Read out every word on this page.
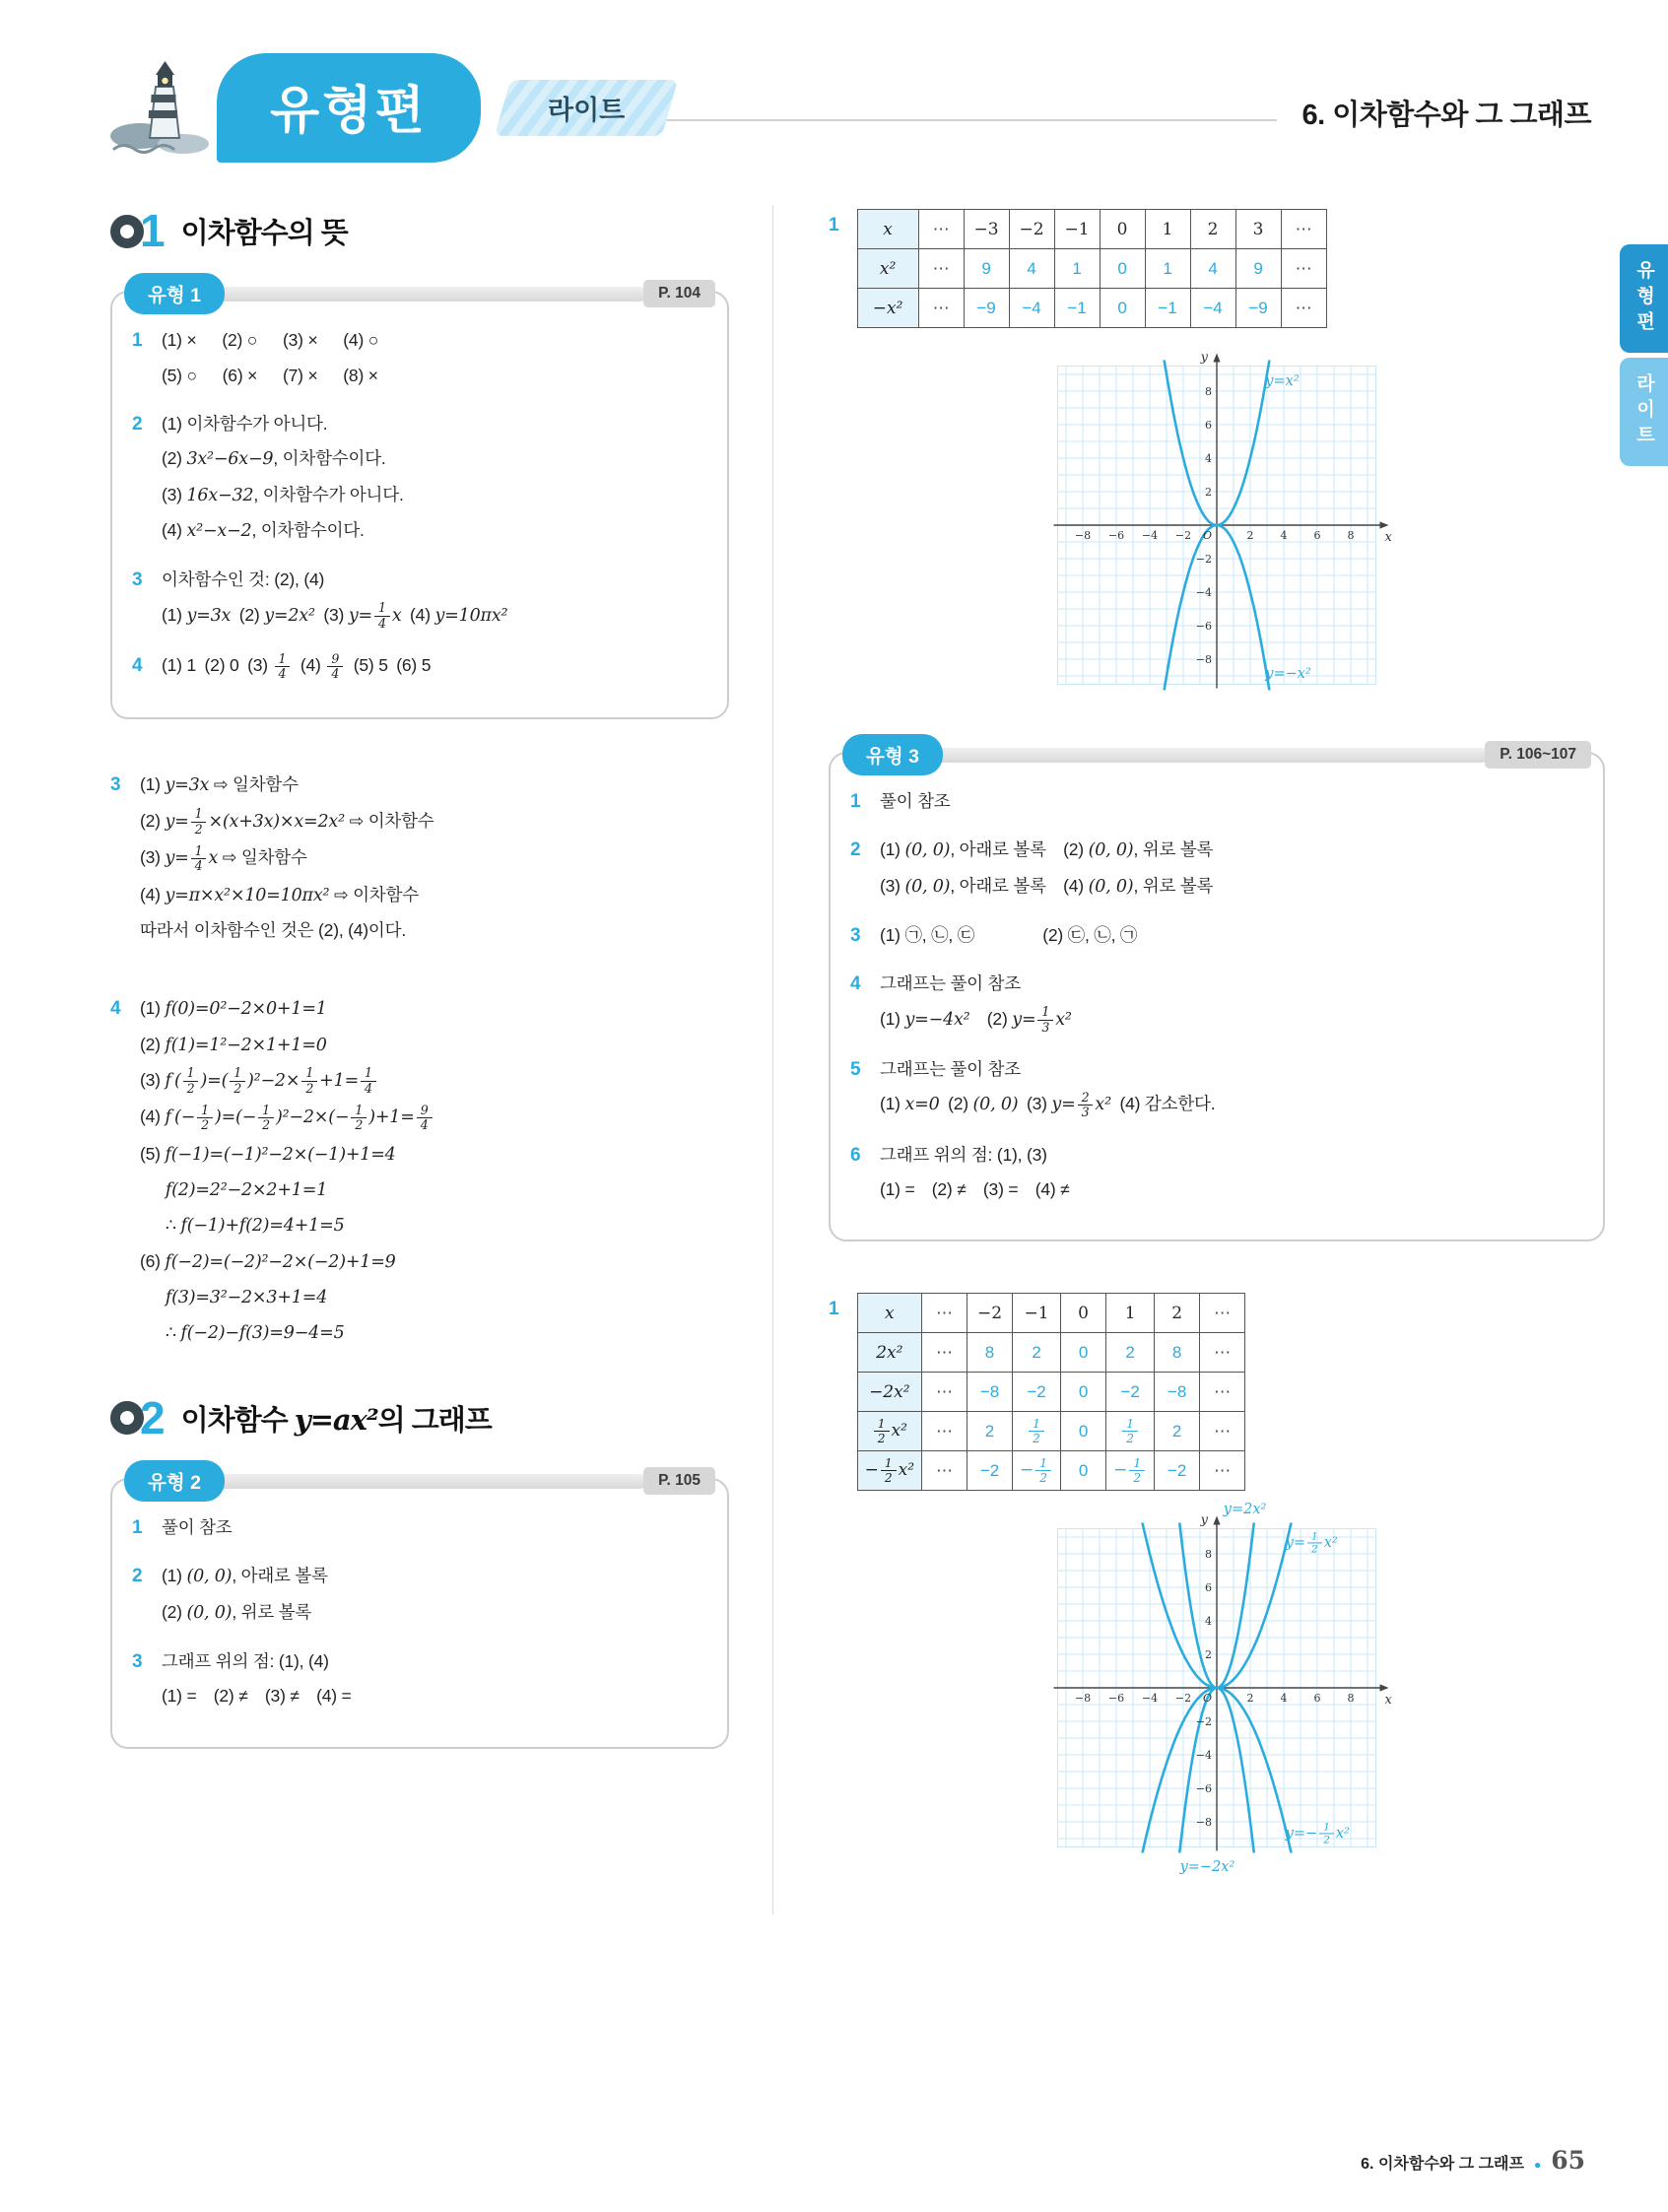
유형편	라이트	6. 이차함수와 그 그래프
유형편
라이트
1 이차함수의 뜻
유형 1	P. 104
1 (1) ×  (2) ○  (3) ×  (4) ○
(5) ○  (6) ×  (7) ×  (8) ×
2 (1) 이차함수가 아니다.
(2) 3x²−6x−9, 이차함수이다.
(3) 16x−32, 이차함수가 아니다.
(4) x²−x−2, 이차함수이다.
3 이차함수인 것: (2), (4)
(1) y=3x (2) y=2x² (3) $y= \frac{1}{4}$ x (4) y=10πx²
4 (1) 1 (2) 0 $(3) \frac{1}{4}$  $(4) \frac{9}{4}$  (5) 5 (6) 5
3 (1) y=3x ⇨ 일차함수
(2) $y= \frac{1}{2} \times(x+3x)\times x=2x^2$ ⇨ 이차함수
(3) $y= \frac{1}{4}$ x ⇨ 일차함수
(4) y=π×x²×10=10πx² ⇨ 이차함수
따라서 이차함수인 것은 (2), (4)이다.
4 (1) f(0)=0²−2×0+1=1
(2) f(1)=1²−2×1+1=0
(3) f ( $\frac{1}{2}$ )=( $\frac{1}{2} )^2-2\times \frac{1}{2} +1= \frac{1}{4}$
(4) f (− $\frac{1}{2}$ )=(− $\frac{1}{2} )^2-2\times(- \frac{1}{2} )+1= \frac{9}{4}$
(5) f(−1)=(−1)²−2×(−1)+1=4
  f(2)=2²−2×2+1=1
  ∴ f(−1)+f(2)=4+1=5
(6) f(−2)=(−2)²−2×(−2)+1=9
  f(3)=3²−2×3+1=4
  ∴ f(−2)−f(3)=9−4=5
2 이차함수 y=ax²의 그래프
유형 2	P. 105
1 풀이 참조
2 (1) (0, 0), 아래로 볼록
(2) (0, 0), 위로 볼록
3 그래프 위의 점: (1), (4)
(1) = (2) ≠ (3) ≠ (4) =
1	x	⋯	−3	−2	−1	0	1	2	3	⋯
x²	⋯	9	4	1	0	1	4	9	⋯
−x²	⋯	−9	−4	−1	0	−1	−4	−9	⋯
−8 −6 −4 −2	2 4 6 8
8
6
4
2
−2
−4
−6
−8
O	x
y
y=x²
y=−x²
유형 3	P. 106~107
1 풀이 참조
2 (1) (0, 0), 아래로 볼록 (2) (0, 0), 위로 볼록
(3) (0, 0), 아래로 볼록 (4) (0, 0), 위로 볼록
3 (1) ㉠, ㉡, ㉢    (2) ㉢, ㉡, ㉠
4 그래프는 풀이 참조
(1) y=−4x² (2) $y= \frac{1}{3} x^2$
5 그래프는 풀이 참조
(1) x=0 (2) (0, 0) (3) $y= \frac{2}{3} x^2$ (4) 감소한다.
6 그래프 위의 점: (1), (3)
(1) = (2) ≠ (3) = (4) ≠
1	x	⋯	−2	−1	0	1	2	⋯
2x²	⋯	8	2	0	2	8	⋯
−2x²	⋯	−8	−2	0	−2	−8	⋯

$\frac{1}{2} x^2$	⋯	2	$\frac{1}{2}$	0	$\frac{1}{2}$	2	⋯
− $\frac{1}{2} x^2$	⋯	−2	− $\frac{1}{2}$	0	− $\frac{1}{2}$	−2	⋯
−8 −6 −4 −2	2 4 6 8
8
6
4
2
−2
−4
−6
−8
O	x
y
y=2x²
$y= \frac{1}{2} x^2$
$y=- \frac{1}{2} x^2$
y=−2x²
6. 이차함수와 그 그래프 ● 65
